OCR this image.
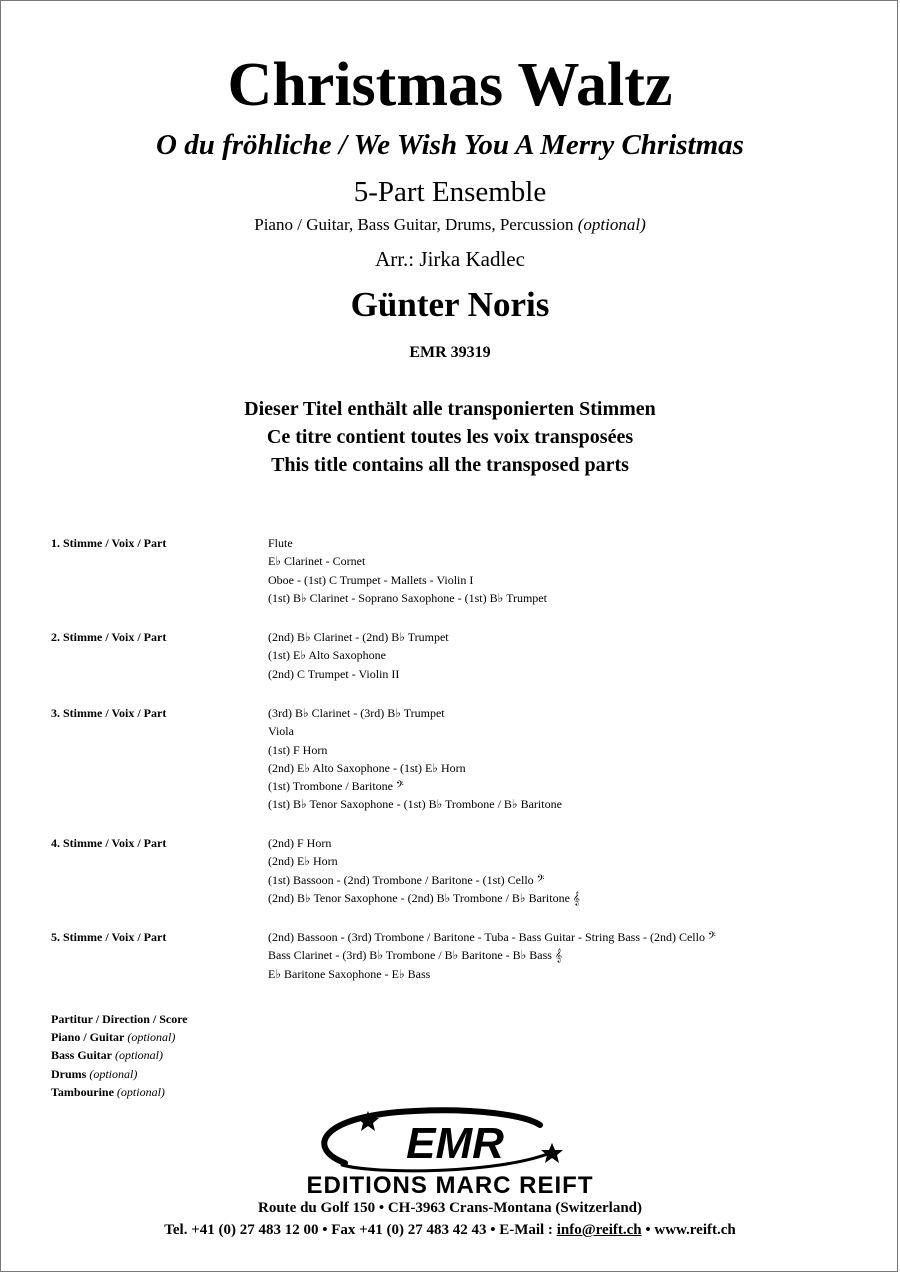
Christmas Waltz
O du fröhliche / We Wish You A Merry Christmas
5-Part Ensemble
Piano / Guitar, Bass Guitar, Drums, Percussion (optional)
Arr.: Jirka Kadlec
Günter Noris
EMR 39319
Dieser Titel enthält alle transponierten Stimmen
Ce titre contient toutes les voix transposées
This title contains all the transposed parts
1. Stimme / Voix / Part	Flute
E♭ Clarinet - Cornet
Oboe - (1st) C Trumpet - Mallets - Violin I
(1st) B♭ Clarinet - Soprano Saxophone - (1st) B♭ Trumpet
2. Stimme / Voix / Part	(2nd) B♭ Clarinet - (2nd) B♭ Trumpet
(1st) E♭ Alto Saxophone
(2nd) C Trumpet - Violin II
3. Stimme / Voix / Part	(3rd) B♭ Clarinet - (3rd) B♭ Trumpet
Viola
(1st) F Horn
(2nd) E♭ Alto Saxophone - (1st) E♭ Horn
(1st) Trombone / Baritone 𝄢
(1st) B♭ Tenor Saxophone - (1st) B♭ Trombone / B♭ Baritone
4. Stimme / Voix / Part	(2nd) F Horn
(2nd) E♭ Horn
(1st) Bassoon - (2nd) Trombone / Baritone - (1st) Cello 𝄢
(2nd) B♭ Tenor Saxophone - (2nd) B♭ Trombone / B♭ Baritone 𝄞
5. Stimme / Voix / Part	(2nd) Bassoon - (3rd) Trombone / Baritone - Tuba - Bass Guitar - String Bass - (2nd) Cello 𝄢
Bass Clarinet - (3rd) B♭ Trombone / B♭ Baritone - B♭ Bass 𝄞
E♭ Baritone Saxophone - E♭ Bass
Partitur / Direction / Score
Piano / Guitar (optional)
Bass Guitar (optional)
Drums (optional)
Tambourine (optional)
EMR
EDITIONS MARC REIFT
Route du Golf 150 • CH-3963 Crans-Montana (Switzerland)
Tel. +41 (0) 27 483 12 00 • Fax +41 (0) 27 483 42 43 • E-Mail : info@reift.ch • www.reift.ch
